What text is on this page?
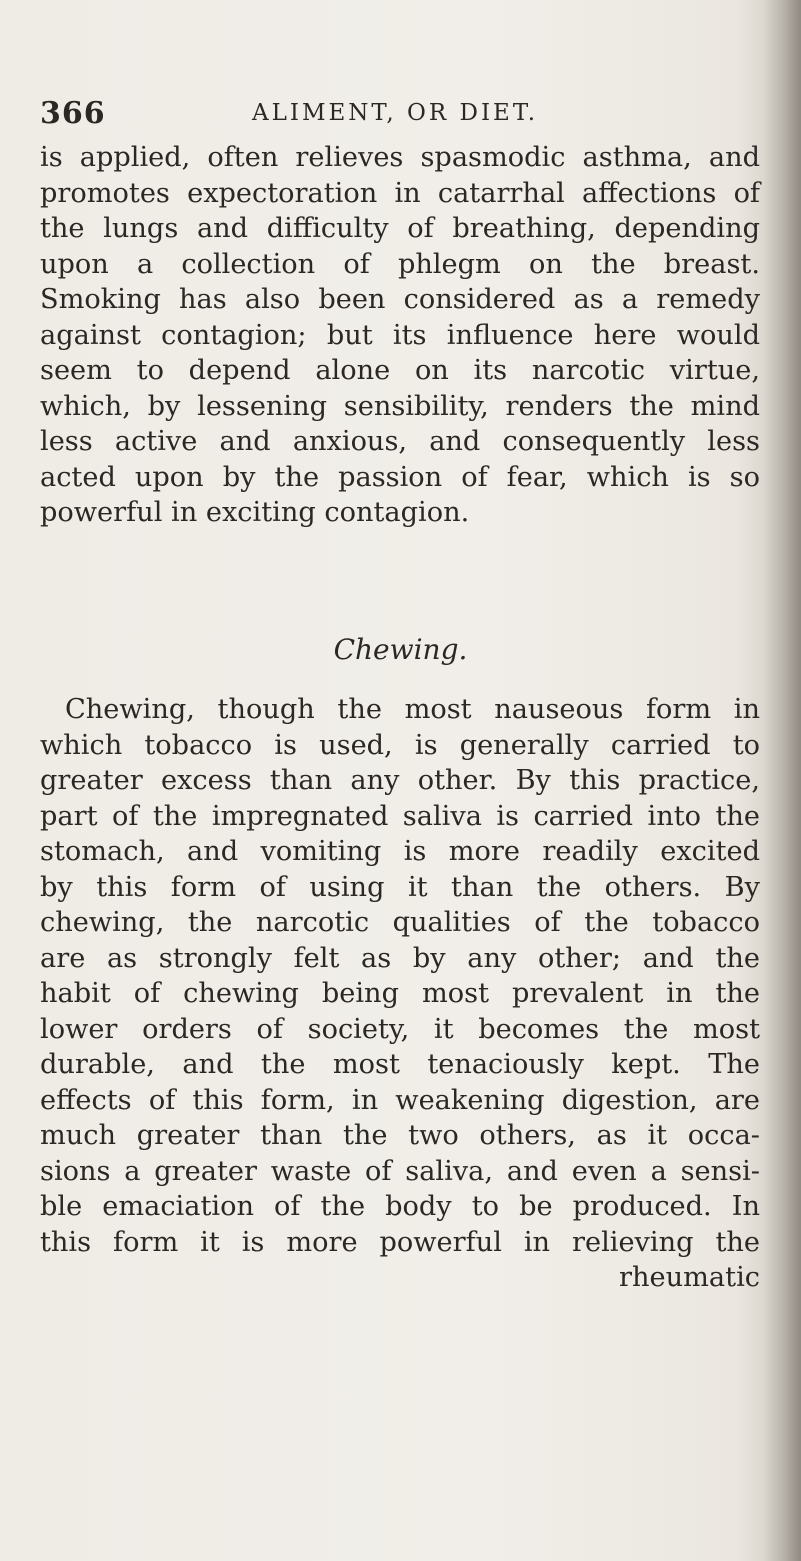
366	ALIMENT, OR DIET.
is applied, often relieves spasmodic asthma, and
promotes expectoration in catarrhal affections of
the lungs and difficulty of breathing, depending
upon a collection of phlegm on the breast.
Smoking has also been considered as a remedy
against contagion; but its influence here would
seem to depend alone on its narcotic virtue,
which, by lessening sensibility, renders the mind
less active and anxious, and consequently less
acted upon by the passion of fear, which is so
powerful in exciting contagion.
Chewing.
Chewing, though the most nauseous form in
which tobacco is used, is generally carried to
greater excess than any other. By this practice,
part of the impregnated saliva is carried into the
stomach, and vomiting is more readily excited
by this form of using it than the others. By
chewing, the narcotic qualities of the tobacco
are as strongly felt as by any other; and the
habit of chewing being most prevalent in the
lower orders of society, it becomes the most
durable, and the most tenaciously kept. The
effects of this form, in weakening digestion, are
much greater than the two others, as it occa-
sions a greater waste of saliva, and even a sensi-
ble emaciation of the body to be produced. In
this form it is more powerful in relieving the
rheumatic
